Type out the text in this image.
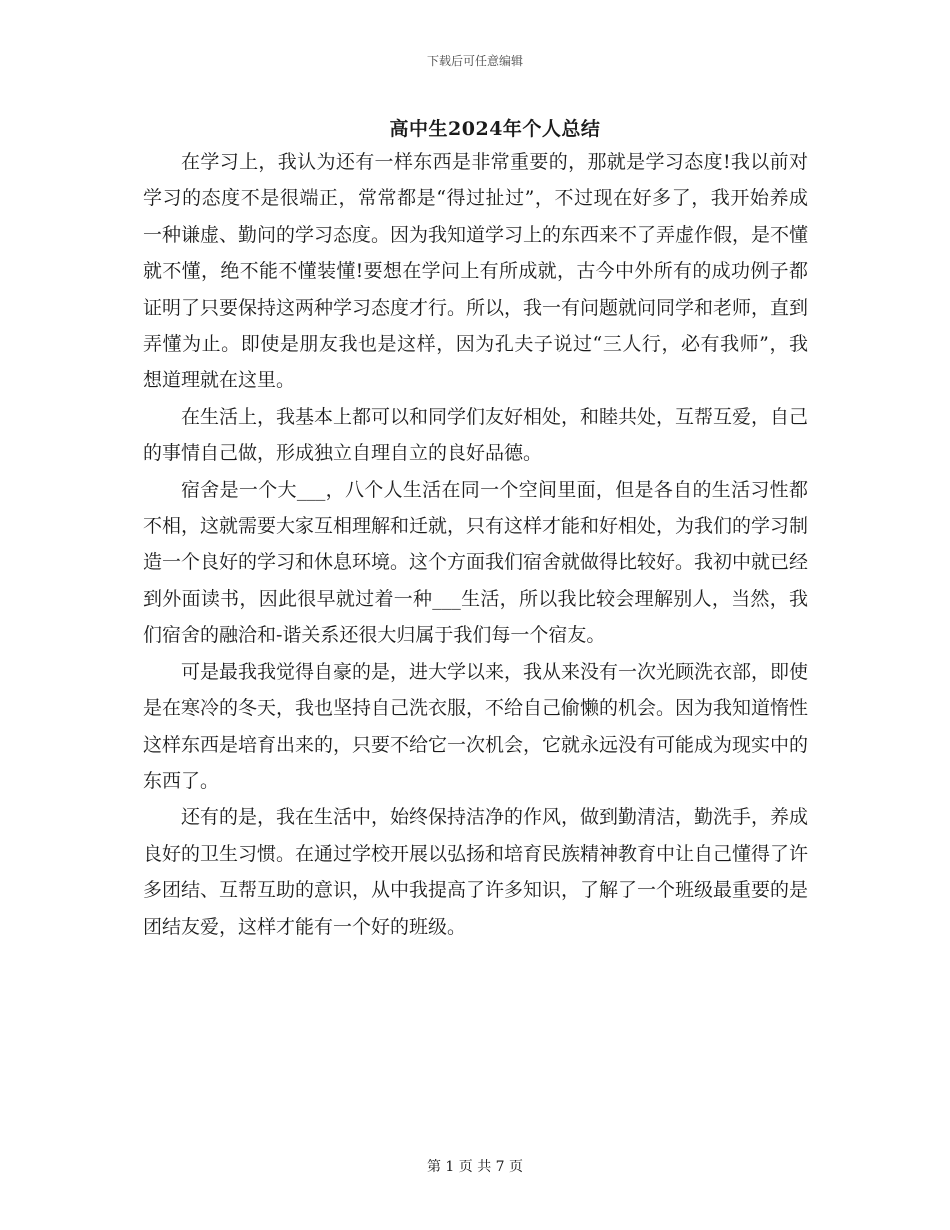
下载后可任意编辑
高中生2024年个人总结

在学习上，我认为还有一样东西是非常重要的，那就是学习态度!我以前对学习的态度不是很端正，常常都是“得过扯过”，不过现在好多了，我开始养成一种谦虚、勤问的学习态度。因为我知道学习上的东西来不了弄虚作假，是不懂就不懂，绝不能不懂装懂!要想在学问上有所成就，古今中外所有的成功例子都证明了只要保持这两种学习态度才行。所以，我一有问题就问同学和老师，直到弄懂为止。即使是朋友我也是这样，因为孔夫子说过“三人行，必有我师”，我想道理就在这里。

在生活上，我基本上都可以和同学们友好相处，和睦共处，互帮互爱，自己的事情自己做，形成独立自理自立的良好品德。

宿舍是一个大___，八个人生活在同一个空间里面，但是各自的生活习性都不相，这就需要大家互相理解和迁就，只有这样才能和好相处，为我们的学习制造一个良好的学习和休息环境。这个方面我们宿舍就做得比较好。我初中就已经到外面读书，因此很早就过着一种___生活，所以我比较会理解别人，当然，我们宿舍的融洽和-谐关系还很大归属于我们每一个宿友。

可是最我我觉得自豪的是，进大学以来，我从来没有一次光顾洗衣部，即使是在寒冷的冬天，我也坚持自己洗衣服，不给自己偷懒的机会。因为我知道惰性这样东西是培育出来的，只要不给它一次机会，它就永远没有可能成为现实中的东西了。

还有的是，我在生活中，始终保持洁净的作风，做到勤清洁，勤洗手，养成良好的卫生习惯。在通过学校开展以弘扬和培育民族精神教育中让自己懂得了许多团结、互帮互助的意识，从中我提高了许多知识，了解了一个班级最重要的是团结友爱，这样才能有一个好的班级。

第 1 页 共 7 页
